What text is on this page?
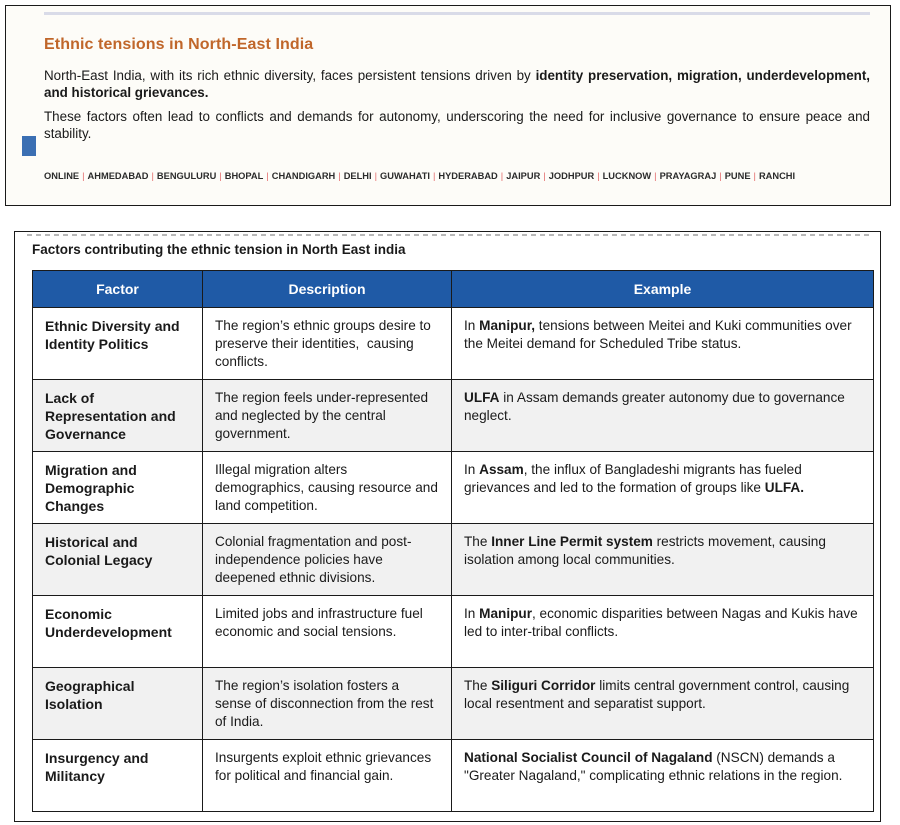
Ethnic tensions in North-East India
North-East India, with its rich ethnic diversity, faces persistent tensions driven by identity preservation, migration, underdevelopment, and historical grievances.
These factors often lead to conflicts and demands for autonomy, underscoring the need for inclusive governance to ensure peace and stability.
ONLINE | AHMEDABAD | BENGULURU | BHOPAL | CHANDIGARH | DELHI | GUWAHATI | HYDERABAD | JAIPUR | JODHPUR | LUCKNOW | PRAYAGRAJ | PUNE | RANCHI
Factors contributing the ethnic tension in North East india
Factor	Description	Example
Ethnic Diversity and Identity Politics	The region’s ethnic groups desire to preserve their identities,  causing conflicts.	In Manipur, tensions between Meitei and Kuki communities over the Meitei demand for Scheduled Tribe status.
Lack of Representation and Governance	The region feels under-represented and neglected by the central government.	ULFA in Assam demands greater autonomy due to governance neglect.
Migration and Demographic Changes	Illegal migration alters demographics, causing resource and land competition.	In Assam, the influx of Bangladeshi migrants has fueled grievances and led to the formation of groups like ULFA.
Historical and Colonial Legacy	Colonial fragmentation and post-independence policies have deepened ethnic divisions.	The Inner Line Permit system restricts movement, causing isolation among local communities.
Economic Underdevelopment	Limited jobs and infrastructure fuel economic and social tensions.	In Manipur, economic disparities between Nagas and Kukis have led to inter-tribal conflicts.
Geographical Isolation	The region’s isolation fosters a sense of disconnection from the rest of India.	The Siliguri Corridor limits central government control, causing local resentment and separatist support.
Insurgency and Militancy	Insurgents exploit ethnic grievances for political and financial gain.	National Socialist Council of Nagaland (NSCN) demands a "Greater Nagaland," complicating ethnic relations in the region.
